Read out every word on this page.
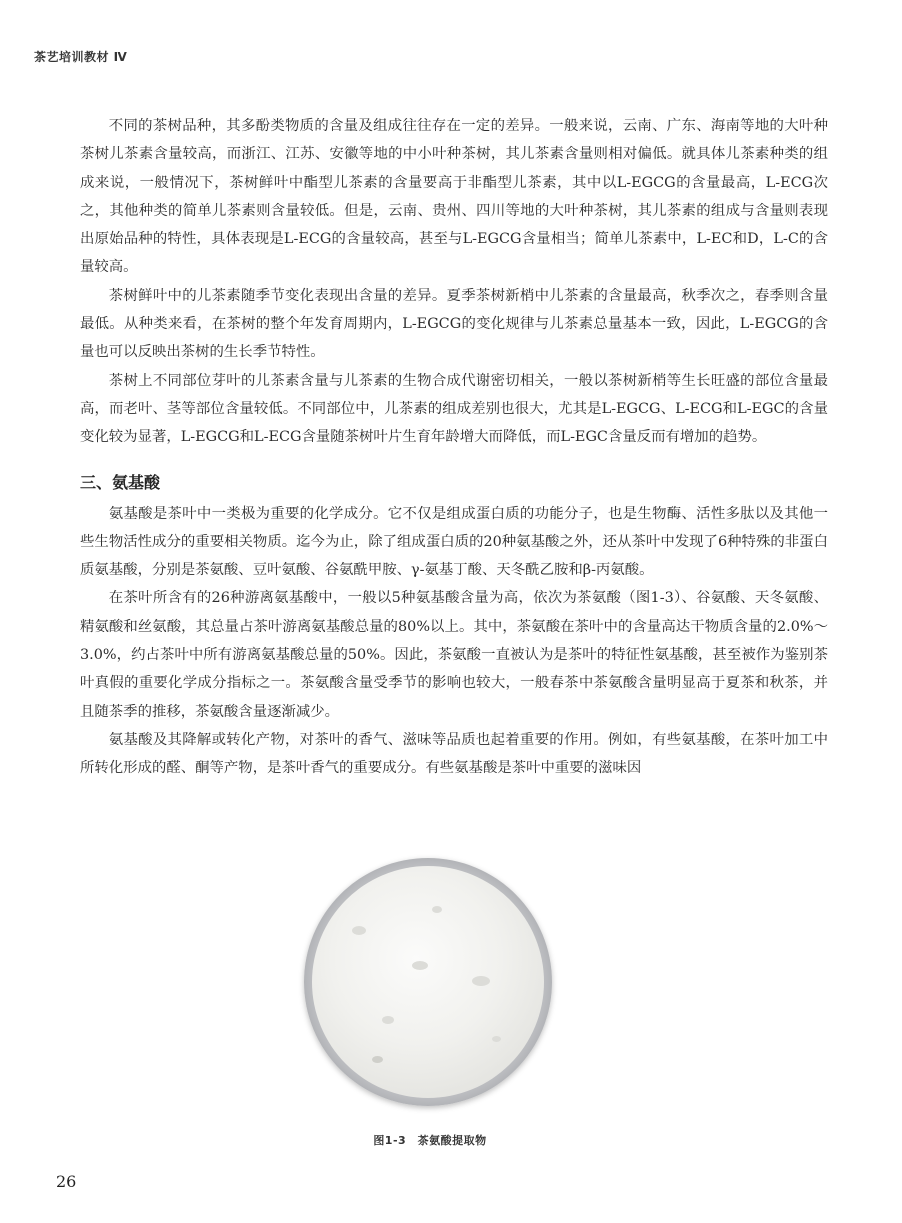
茶艺培训教材 Ⅳ

不同的茶树品种，其多酚类物质的含量及组成往往存在一定的差异。一般来说，云南、广东、海南等地的大叶种茶树儿茶素含量较高，而浙江、江苏、安徽等地的中小叶种茶树，其儿茶素含量则相对偏低。就具体儿茶素种类的组成来说，一般情况下，茶树鲜叶中酯型儿茶素的含量要高于非酯型儿茶素，其中以L-EGCG的含量最高，L-ECG次之，其他种类的简单儿茶素则含量较低。但是，云南、贵州、四川等地的大叶种茶树，其儿茶素的组成与含量则表现出原始品种的特性，具体表现是L-ECG的含量较高，甚至与L-EGCG含量相当；简单儿茶素中，L-EC和D，L-C的含量较高。

茶树鲜叶中的儿茶素随季节变化表现出含量的差异。夏季茶树新梢中儿茶素的含量最高，秋季次之，春季则含量最低。从种类来看，在茶树的整个年发育周期内，L-EGCG的变化规律与儿茶素总量基本一致，因此，L-EGCG的含量也可以反映出茶树的生长季节特性。

茶树上不同部位芽叶的儿茶素含量与儿茶素的生物合成代谢密切相关，一般以茶树新梢等生长旺盛的部位含量最高，而老叶、茎等部位含量较低。不同部位中，儿茶素的组成差别也很大，尤其是L-EGCG、L-ECG和L-EGC的含量变化较为显著，L-EGCG和L-ECG含量随茶树叶片生育年龄增大而降低，而L-EGC含量反而有增加的趋势。

三、氨基酸

氨基酸是茶叶中一类极为重要的化学成分。它不仅是组成蛋白质的功能分子，也是生物酶、活性多肽以及其他一些生物活性成分的重要相关物质。迄今为止，除了组成蛋白质的20种氨基酸之外，还从茶叶中发现了6种特殊的非蛋白质氨基酸，分别是茶氨酸、豆叶氨酸、谷氨酰甲胺、γ-氨基丁酸、天冬酰乙胺和β-丙氨酸。

在茶叶所含有的26种游离氨基酸中，一般以5种氨基酸含量为高，依次为茶氨酸（图1-3）、谷氨酸、天冬氨酸、精氨酸和丝氨酸，其总量占茶叶游离氨基酸总量的80%以上。其中，茶氨酸在茶叶中的含量高达干物质含量的2.0%～3.0%，约占茶叶中所有游离氨基酸总量的50%。因此，茶氨酸一直被认为是茶叶的特征性氨基酸，甚至被作为鉴别茶叶真假的重要化学成分指标之一。茶氨酸含量受季节的影响也较大，一般春茶中茶氨酸含量明显高于夏茶和秋茶，并且随茶季的推移，茶氨酸含量逐渐减少。

氨基酸及其降解或转化产物，对茶叶的香气、滋味等品质也起着重要的作用。例如，有些氨基酸，在茶叶加工中所转化形成的醛、酮等产物，是茶叶香气的重要成分。有些氨基酸是茶叶中重要的滋味因

图1-3　茶氨酸提取物
26
